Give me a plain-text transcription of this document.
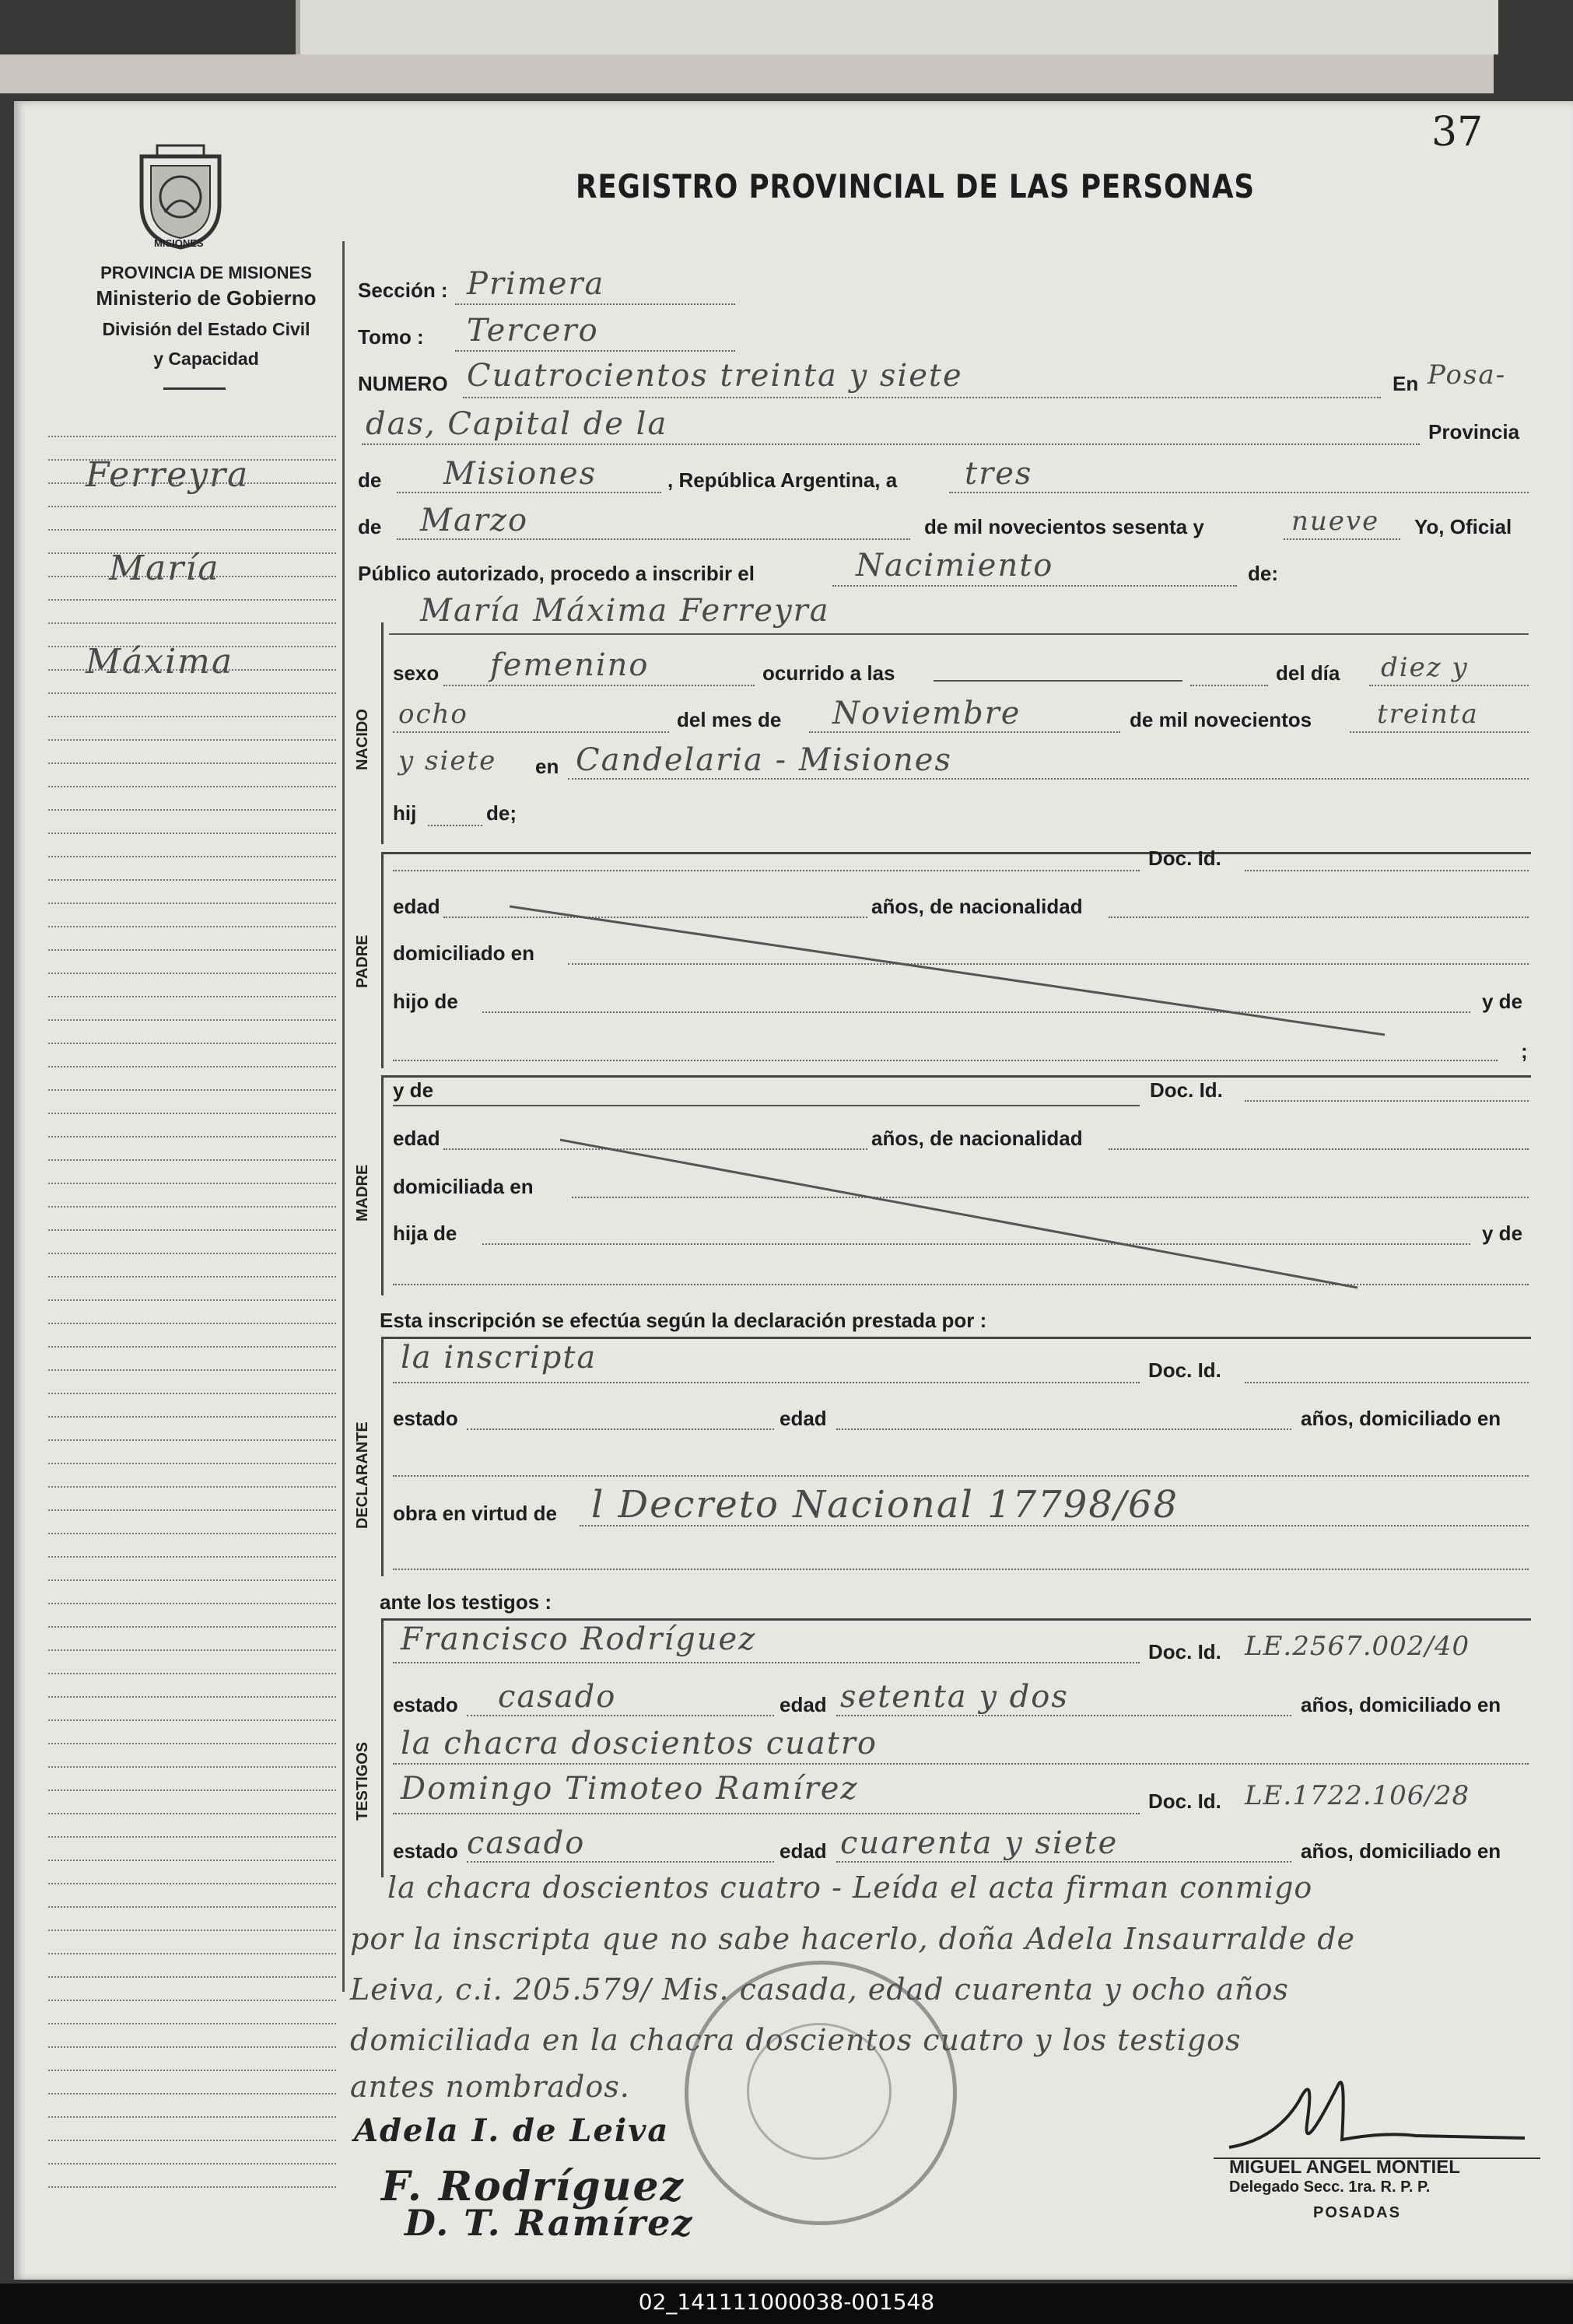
37
REGISTRO PROVINCIAL DE LAS PERSONAS
MISIONES
PROVINCIA DE MISIONES
Ministerio de Gobierno
División del Estado Civil
y Capacidad
Ferreyra
María
Máxima
Sección : Primera
Tomo : Tercero
NUMERO Cuatrocientos treinta y siete	En Posa-
das, Capital de la	Provincia
de Misiones	, República Argentina, a tres
de Marzo	de mil novecientos sesenta y	nueve Yo, Oficial
Público autorizado, procedo a inscribir el	Nacimiento	de:
María Máxima Ferreyra
NACIDO
sexo femenino	ocurrido a las	del día diez y
ocho	del mes de Noviembre	de mil novecientos treinta
y siete en Candelaria - Misiones
hij	de;
PADRE
Doc. Id.
edad	años, de nacionalidad
domiciliado en
hijo de	y de
;
MADRE
y de	Doc. Id.
edad	años, de nacionalidad
domiciliada en
hija de	y de
Esta inscripción se efectúa según la declaración prestada por :
DECLARANTE
la inscripta	Doc. Id.
estado	edad	años, domiciliado en
obra en virtud de l Decreto Nacional 17798/68
ante los testigos :
TESTIGOS
Francisco Rodríguez	Doc. Id. LE.2567.002/40
estado casado	edad setenta y dos	años, domiciliado en
la chacra doscientos cuatro
Domingo Timoteo Ramírez	Doc. Id. LE.1722.106/28
estado casado	edad cuarenta y siete	años, domiciliado en
la chacra doscientos cuatro - Leída el acta firman conmigo
por la inscripta que no sabe hacerlo, doña Adela Insaurralde de
Leiva, c.i. 205.579/ Mis. casada, edad cuarenta y ocho años
domiciliada en la chacra doscientos cuatro y los testigos
antes nombrados.
Adela I. de Leiva
F. Rodríguez
D. T. Ramírez
MIGUEL ANGEL MONTIEL
Delegado Secc. 1ra. R. P. P.
POSADAS
02_141111000038-001548
